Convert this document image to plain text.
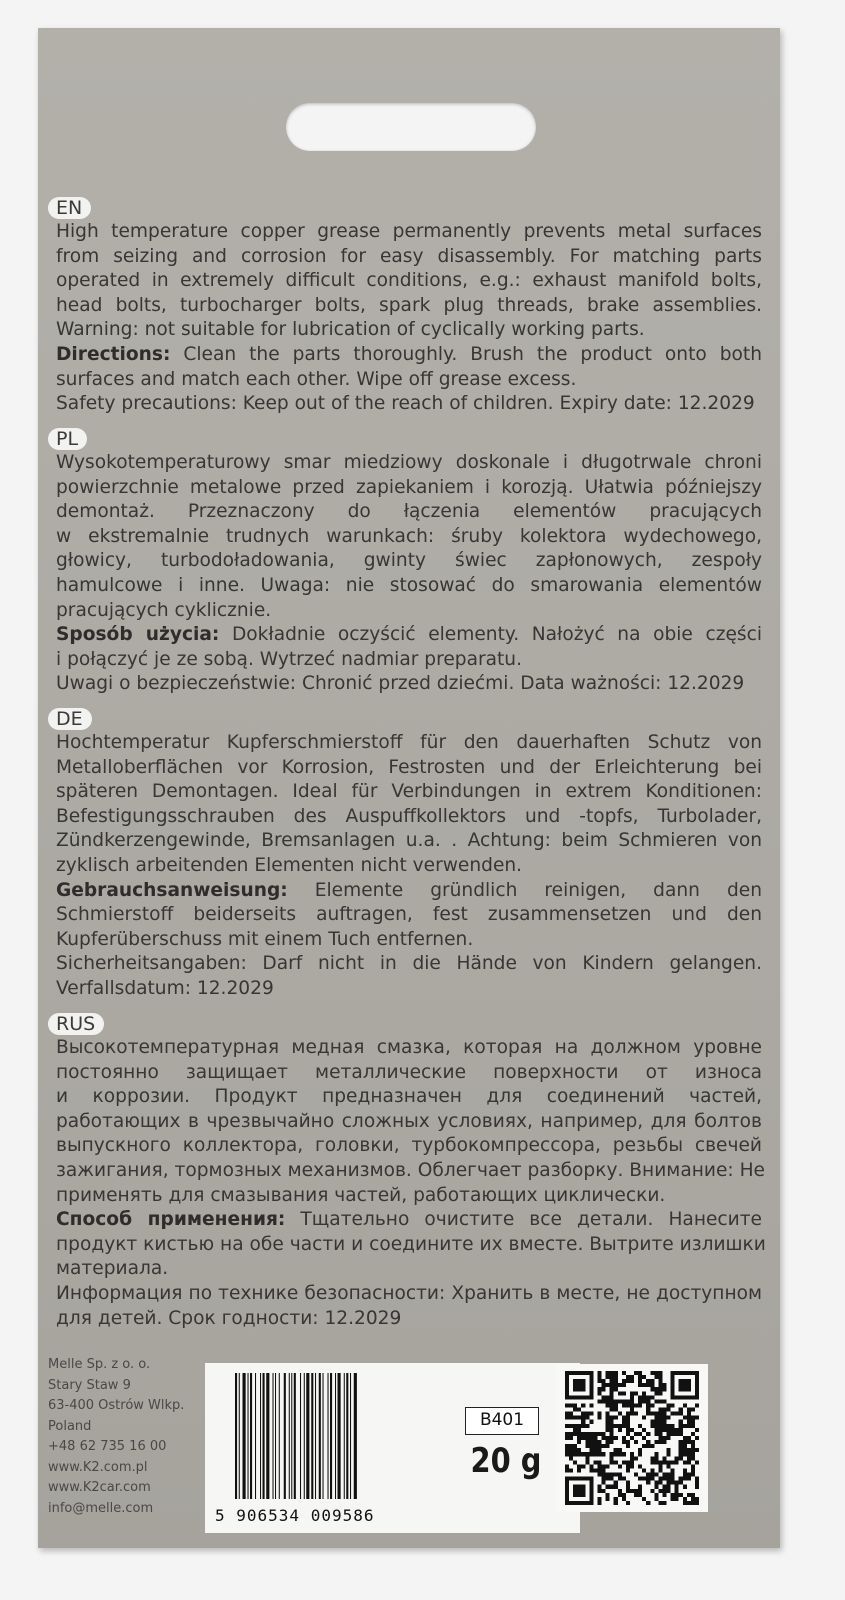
EN
High temperature copper grease permanently prevents metal surfaces
from seizing and corrosion for easy disassembly. For matching parts
operated in extremely difficult conditions, e.g.: exhaust manifold bolts,
head bolts, turbocharger bolts, spark plug threads, brake assemblies.
Warning: not suitable for lubrication of cyclically working parts.
Directions: Clean the parts thoroughly. Brush the product onto both
surfaces and match each other. Wipe off grease excess.
Safety precautions: Keep out of the reach of children. Expiry date: 12.2029
PL
Wysokotemperaturowy smar miedziowy doskonale i długotrwale chroni
powierzchnie metalowe przed zapiekaniem i korozją. Ułatwia późniejszy
demontaż. Przeznaczony do łączenia elementów pracujących
w ekstremalnie trudnych warunkach: śruby kolektora wydechowego,
głowicy, turbodoładowania, gwinty świec zapłonowych, zespoły
hamulcowe i inne. Uwaga: nie stosować do smarowania elementów
pracujących cyklicznie.
Sposób użycia: Dokładnie oczyścić elementy. Nałożyć na obie części
i połączyć je ze sobą. Wytrzeć nadmiar preparatu.
Uwagi o bezpieczeństwie: Chronić przed dziećmi. Data ważności: 12.2029
DE
Hochtemperatur Kupferschmierstoff für den dauerhaften Schutz von
Metalloberflächen vor Korrosion, Festrosten und der Erleichterung bei
späteren Demontagen. Ideal für Verbindungen in extrem Konditionen:
Befestigungsschrauben des Auspuffkollektors und -topfs, Turbolader,
Zündkerzengewinde, Bremsanlagen u.a. . Achtung: beim Schmieren von
zyklisch arbeitenden Elementen nicht verwenden.
Gebrauchsanweisung: Elemente gründlich reinigen, dann den
Schmierstoff beiderseits auftragen, fest zusammensetzen und den
Kupferüberschuss mit einem Tuch entfernen.
Sicherheitsangaben: Darf nicht in die Hände von Kindern gelangen.
Verfallsdatum: 12.2029
RUS
Высокотемпературная медная смазка, которая на должном уровне
постоянно защищает металлические поверхности от износа
и коррозии. Продукт предназначен для соединений частей,
работающих в чрезвычайно сложных условиях, например, для болтов
выпускного коллектора, головки, турбокомпрессора, резьбы свечей
зажигания, тормозных механизмов. Облегчает разборку. Внимание: Не
применять для смазывания частей, работающих циклически.
Способ применения: Тщательно очистите все детали. Нанесите
продукт кистью на обе части и соедините их вместе. Вытрите излишки
материала.
Информация по технике безопасности: Хранить в месте, не доступном
для детей. Срок годности: 12.2029
Melle Sp. z o. o.
Stary Staw 9
63-400 Ostrów Wlkp.
Poland
+48 62 735 16 00
www.K2.com.pl
www.K2car.com
info@melle.com	5 906534 009586
B401
20 g
